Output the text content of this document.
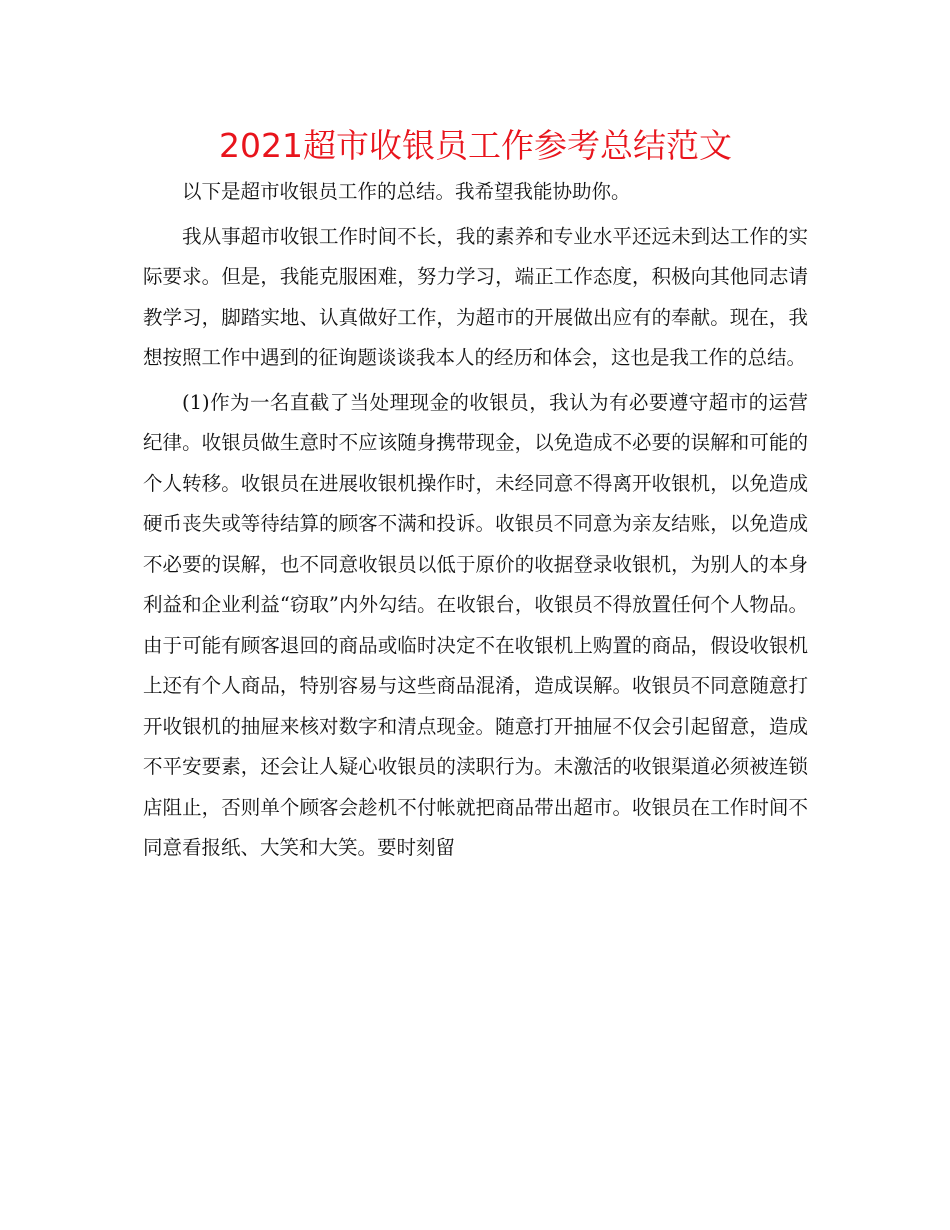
2021超市收银员工作参考总结范文

以下是超市收银员工作的总结。我希望我能协助你。

我从事超市收银工作时间不长，我的素养和专业水平还远未到达工作的实际要求。但是，我能克服困难，努力学习，端正工作态度，积极向其他同志请教学习，脚踏实地、认真做好工作，为超市的开展做出应有的奉献。现在，我想按照工作中遇到的征询题谈谈我本人的经历和体会，这也是我工作的总结。

(1)作为一名直截了当处理现金的收银员，我认为有必要遵守超市的运营纪律。收银员做生意时不应该随身携带现金，以免造成不必要的误解和可能的个人转移。收银员在进展收银机操作时，未经同意不得离开收银机，以免造成硬币丧失或等待结算的顾客不满和投诉。收银员不同意为亲友结账，以免造成不必要的误解，也不同意收银员以低于原价的收据登录收银机，为别人的本身利益和企业利益“窃取”内外勾结。在收银台，收银员不得放置任何个人物品。由于可能有顾客退回的商品或临时决定不在收银机上购置的商品，假设收银机上还有个人商品，特别容易与这些商品混淆，造成误解。收银员不同意随意打开收银机的抽屉来核对数字和清点现金。随意打开抽屉不仅会引起留意，造成不平安要素，还会让人疑心收银员的渎职行为。未激活的收银渠道必须被连锁店阻止，否则单个顾客会趁机不付帐就把商品带出超市。收银员在工作时间不同意看报纸、大笑和大笑。要时刻留
